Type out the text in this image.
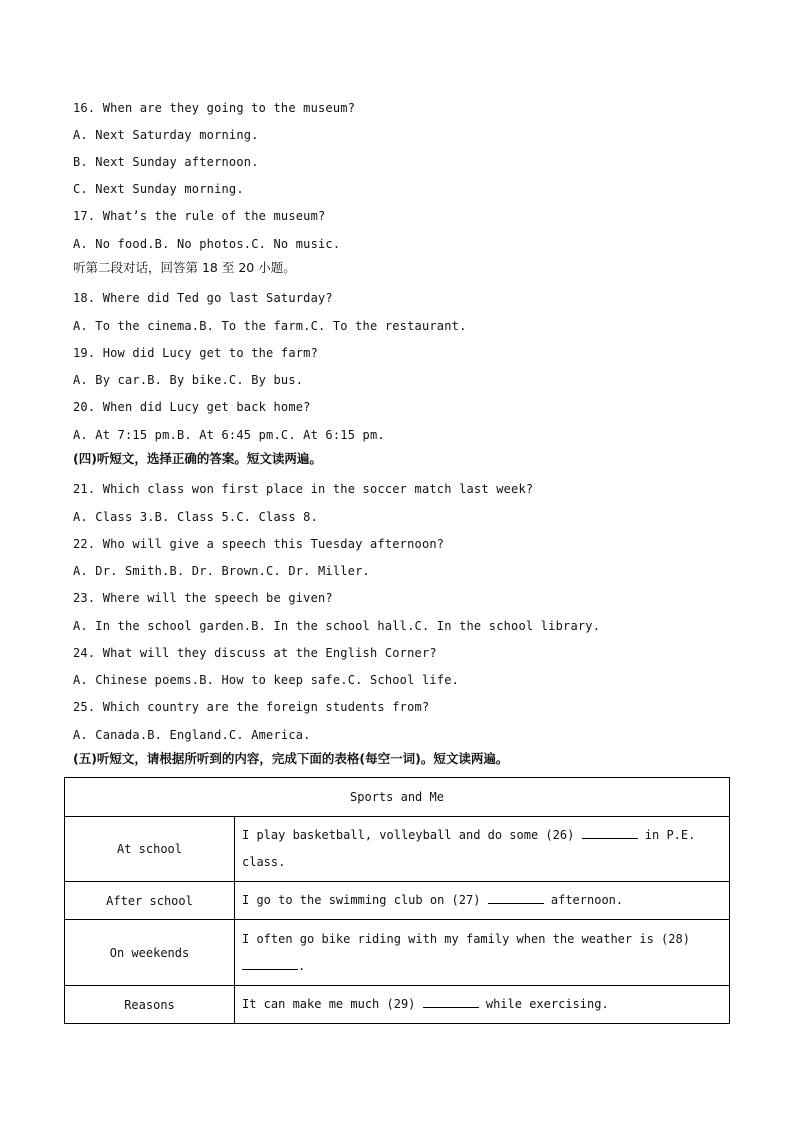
16. When are they going to the museum?
A. Next Saturday morning.
B. Next Sunday afternoon.
C. Next Sunday morning.
17. What’s the rule of the museum?
A. No food.B. No photos.C. No music.
听第二段对话，回答第 18 至 20 小题。
18. Where did Ted go last Saturday?
A. To the cinema.B. To the farm.C. To the restaurant.
19. How did Lucy get to the farm?
A. By car.B. By bike.C. By bus.
20. When did Lucy get back home?
A. At 7:15 pm.B. At 6:45 pm.C. At 6:15 pm.
(四)听短文，选择正确的答案。短文读两遍。
21. Which class won first place in the soccer match last week?
A. Class 3.B. Class 5.C. Class 8.
22. Who will give a speech this Tuesday afternoon?
A. Dr. Smith.B. Dr. Brown.C. Dr. Miller.
23. Where will the speech be given?
A. In the school garden.B. In the school hall.C. In the school library.
24. What will they discuss at the English Corner?
A. Chinese poems.B. How to keep safe.C. School life.
25. Which country are the foreign students from?
A. Canada.B. England.C. America.
(五)听短文，请根据所听到的内容，完成下面的表格(每空一词)。短文读两遍。
Sports and Me	
At school	I play basketball, volleyball and do some (26) in P.E. class.
After school	I go to the swimming club on (27) afternoon.
On weekends	I often go bike riding with my family when the weather is (28) .
Reasons	It can make me much (29) while exercising.
